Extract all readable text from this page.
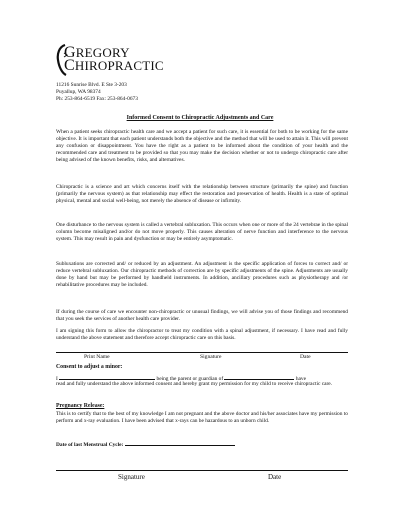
GREGORY
CHIROPRACTIC
11216 Sunrise Blvd. E Ste 3-203
Puyallup, WA 98374
Ph: 253-864-6519 Fax: 253-864-0673
Informed Consent to Chiropractic Adjustments and Care
When a patient seeks chiropractic health care and we accept a patient for such care, it is essential for both to be working for the same objective. It is important that each patient understands both the objective and the method that will be used to attain it. This will prevent any confusion or disappointment. You have the right as a patient to be informed about the condition of your health and the recommended care and treatment to be provided so that you may make the decision whether or not to undergo chiropractic care after being advised of the known benefits, risks, and alternatives.
Chiropractic is a science and art which concerns itself with the relationship between structure (primarily the spine) and function (primarily the nervous system) as that relationship may effect the restoration and preservation of health. Health is a state of optimal physical, mental and social well-being, not merely the absence of disease or infirmity.
One disturbance to the nervous system is called a vertebral subluxation. This occurs when one or more of the 24 vertebrae in the spinal column become misaligned and/or do not move properly. This causes alteration of nerve function and interference to the nervous system. This may result in pain and dysfunction or may be entirely asymptomatic.
Subluxations are corrected and/ or reduced by an adjustment. An adjustment is the specific application of forces to correct and/ or reduce vertebral subluxation. Our chiropractic methods of correction are by specific adjustments of the spine. Adjustments are usually done by hand but may be performed by handheld instruments. In addition, ancillary procedures such as physiotherapy and /or rehabilitative procedures may be included.
If during the course of care we encounter non-chiropractic or unusual findings, we will advise you of those findings and recommend that you seek the services of another health care provider.
I am signing this form to allow the chiropractor to treat my condition with a spinal adjustment, if necessary. I have read and fully understand the above statement and therefore accept chiropractic care on this basis.
Print Name	Signature	Date
Consent to adjust a minor:
I	being the parent or guardian of	have
read and fully understand the above informed consent and hereby grant my permission for my child to receive chiropractic care.
Pregnancy Release:
This is to certify that to the best of my knowledge I am not pregnant and the above doctor and his/her associates have my permission to perform and x-ray evaluation. I have been advised that x-rays can be hazardous to an unborn child.
Date of last Menstrual Cycle:
Signature	Date
